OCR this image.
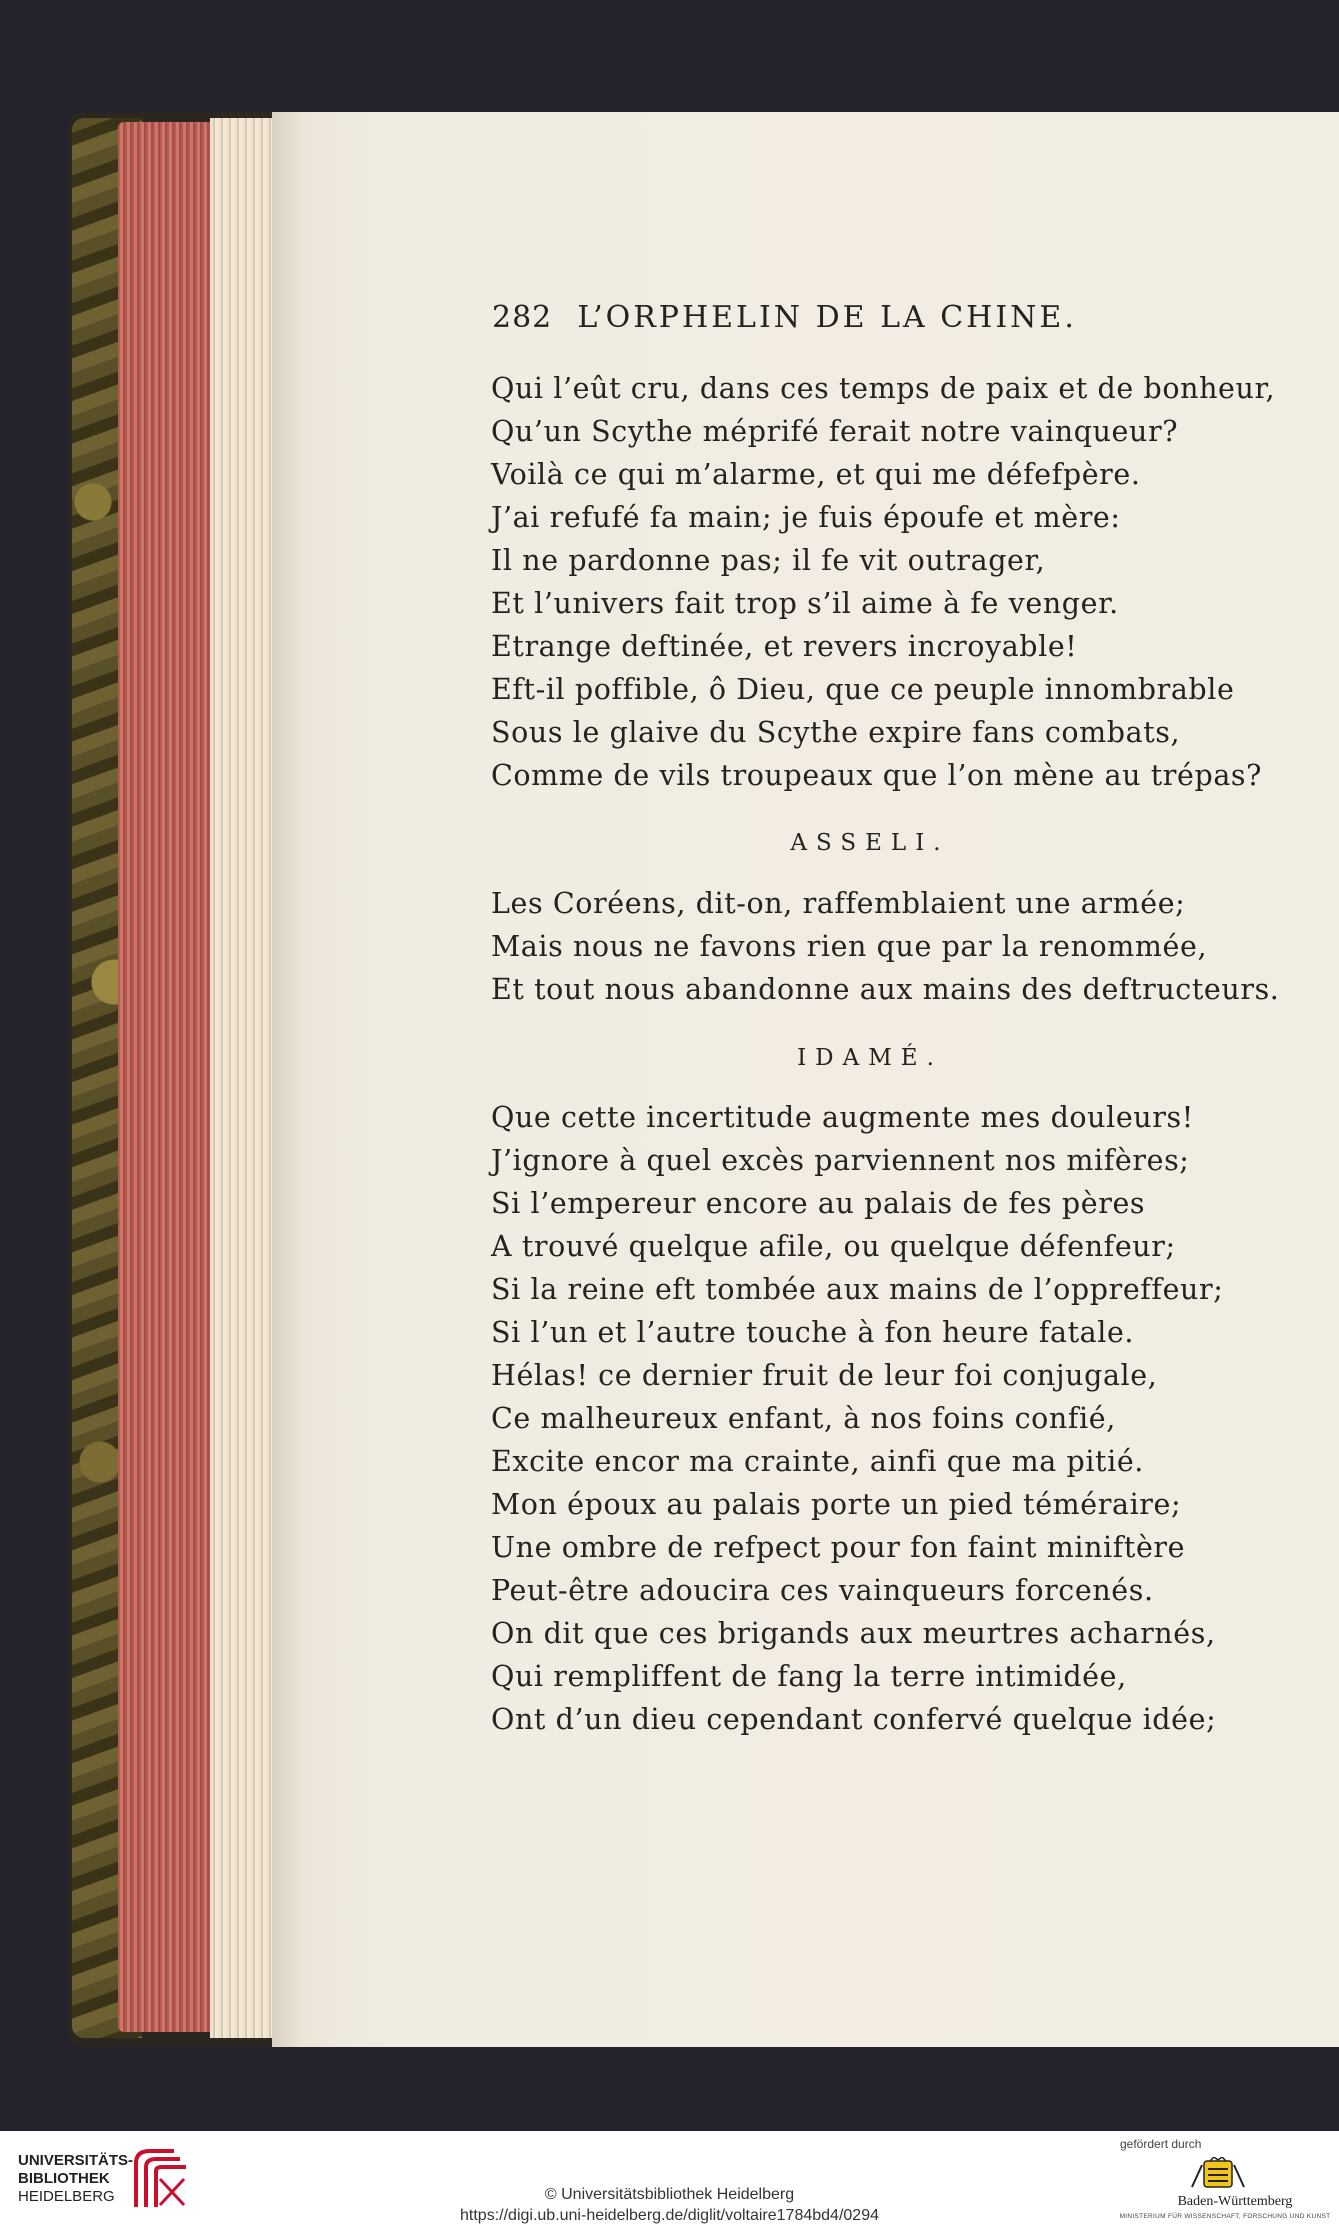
282 L’ORPHELIN DE LA CHINE.
Qui l’eût cru, dans ces temps de paix et de bonheur,
Qu’un Scythe méprifé ferait notre vainqueur?
Voilà ce qui m’alarme, et qui me défefpère.
J’ai refufé fa main; je fuis époufe et mère:
Il ne pardonne pas; il fe vit outrager,
Et l’univers fait trop s’il aime à fe venger.
Etrange deftinée, et revers incroyable!
Eft-il poffible, ô Dieu, que ce peuple innombrable
Sous le glaive du Scythe expire fans combats,
Comme de vils troupeaux que l’on mène au trépas?
ASSELI.
Les Coréens, dit-on, raffemblaient une armée;
Mais nous ne favons rien que par la renommée,
Et tout nous abandonne aux mains des deftructeurs.
IDAMÉ.
Que cette incertitude augmente mes douleurs!
J’ignore à quel excès parviennent nos mifères;
Si l’empereur encore au palais de fes pères
A trouvé quelque afile, ou quelque défenfeur;
Si la reine eft tombée aux mains de l’oppreffeur;
Si l’un et l’autre touche à fon heure fatale.
Hélas! ce dernier fruit de leur foi conjugale,
Ce malheureux enfant, à nos foins confié,
Excite encor ma crainte, ainfi que ma pitié.
Mon époux au palais porte un pied téméraire;
Une ombre de refpect pour fon faint miniftère
Peut-être adoucira ces vainqueurs forcenés.
On dit que ces brigands aux meurtres acharnés,
Qui rempliffent de fang la terre intimidée,
Ont d’un dieu cependant confervé quelque idée;
UNIVERSITÄTS-
BIBLIOTHEK
HEIDELBERG	© Universitätsbibliothek Heidelberg
https://digi.ub.uni-heidelberg.de/diglit/voltaire1784bd4/0294
gefördert durch
Baden-Württemberg
MINISTERIUM FÜR WISSENSCHAFT, FORSCHUNG UND KUNST
